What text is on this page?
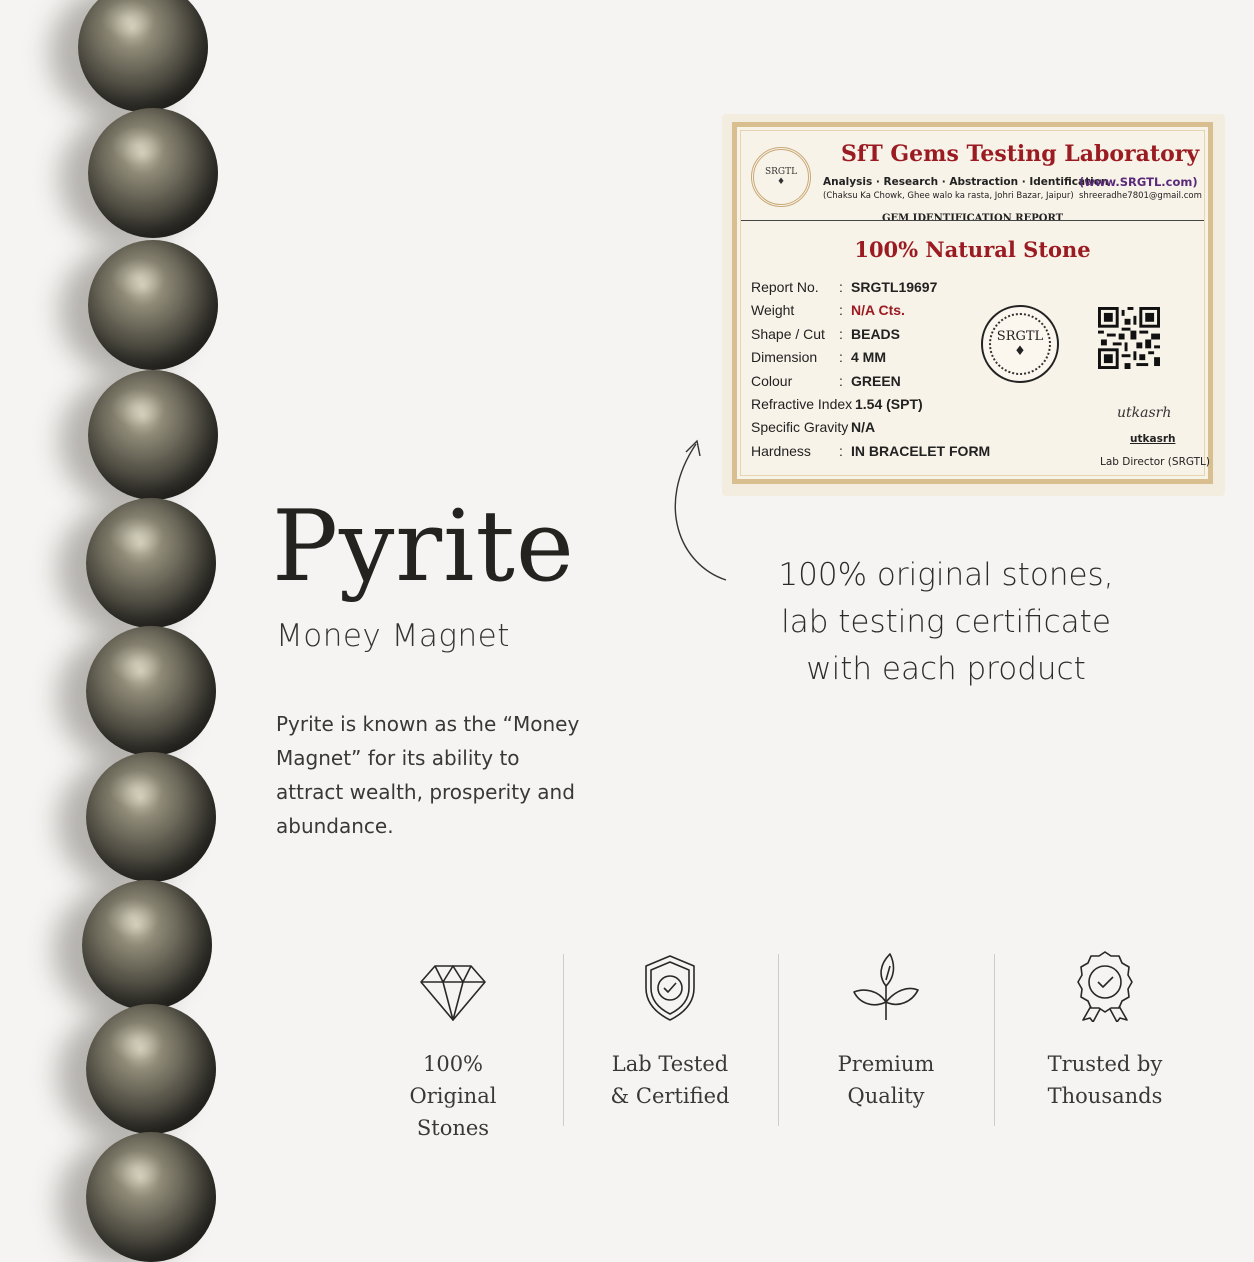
Pyrite
Money Magnet
Pyrite is known as the “Money Magnet” for its ability to attract wealth, prosperity and abundance.
SRGTL
♦
SfT Gems Testing Laboratory
Analysis · Research · Abstraction · Identification
(www.SRGTL.com)
(Chaksu Ka Chowk, Ghee walo ka rasta, Johri Bazar, Jaipur) shreeradhe7801@gmail.com
GEM IDENTIFICATION REPORT
100% Natural Stone
Report No.	: SRGTL19697
Weight	: N/A Cts.
Shape / Cut	: BEADS
Dimension	: 4 MM
Colour	: GREEN
Refractive Index 1.54 (SPT)
Specific Gravity N/A
Hardness	: IN BRACELET FORM
SRGTL
♦
utkasrh
utkasrh
Lab Director (SRGTL)
100% original stones,
lab testing certificate
with each product
100%
Original
Stones
Lab Tested
& Certified
Premium
Quality
Trusted by
Thousands
